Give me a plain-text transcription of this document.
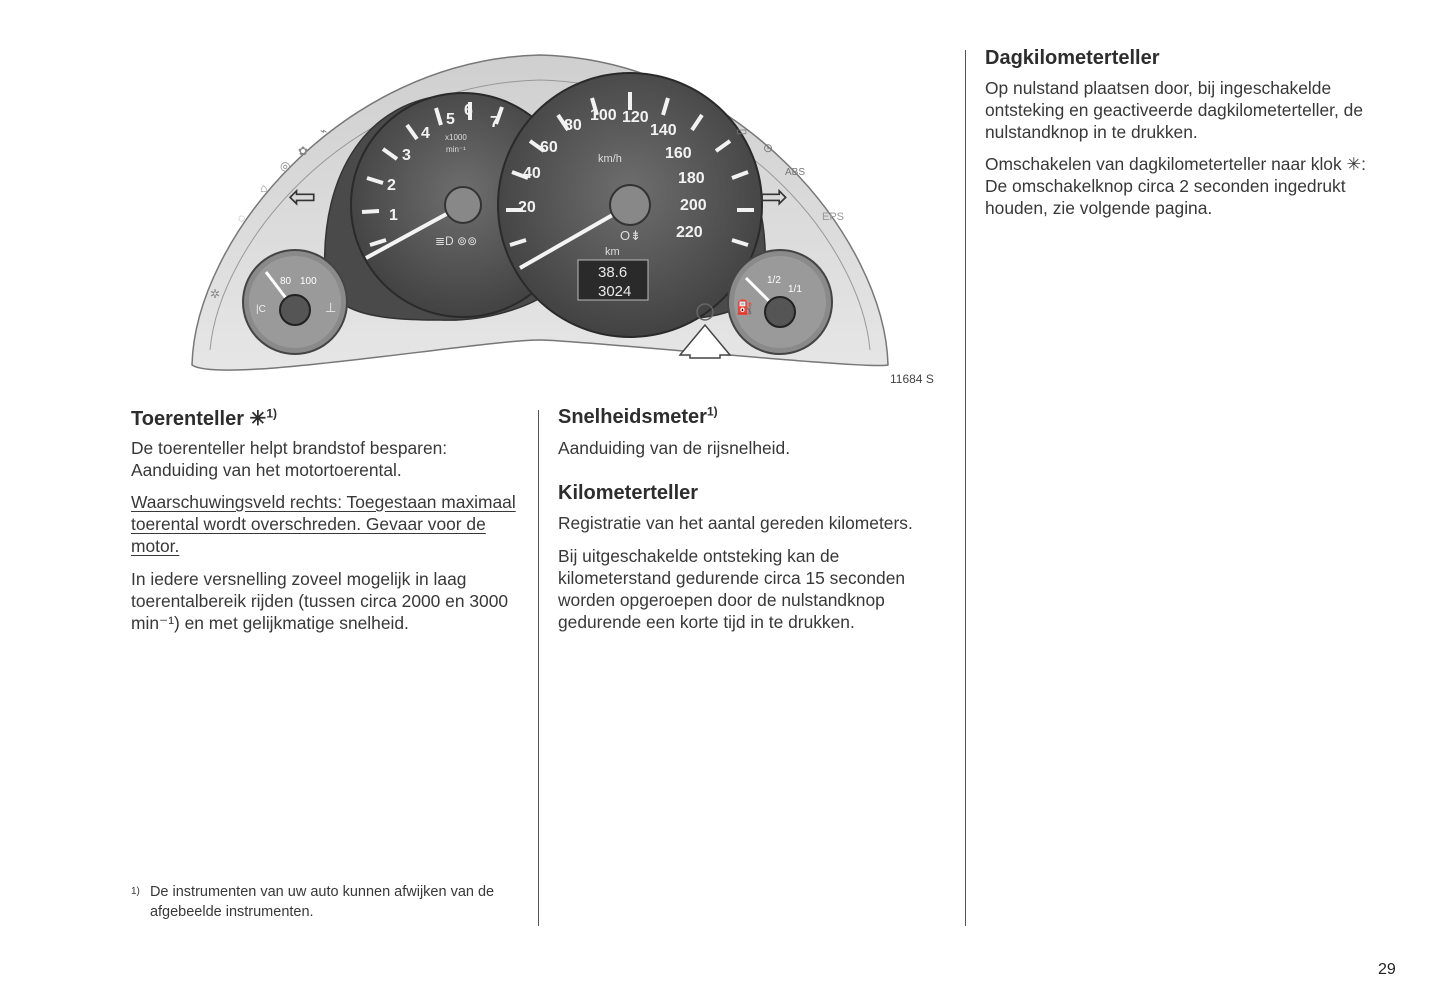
1
2
3
4
5
6
7
x1000
min⁻¹
≣D ⊚⊚
20
40
60
80
100 120
140
160
180
200
220
km/h
km
O⇟
38.6
3024
80 100
|C	⊥
1/2
1/1
⛽
⇦	⇨
⌁
✿
◎
⌂
◌
▭
⊙
ABS
EPS
✲
11684 S
Toerenteller ✳$^{1)}$

De toerenteller helpt brandstof besparen: Aanduiding van het motortoerental.

Waarschuwingsveld rechts: Toegestaan maximaal toerental wordt overschreden. Gevaar voor de motor.

In iedere versnelling zoveel mogelijk in laag toerentalbereik rijden (tussen circa 2000 en 3000 min⁻¹) en met gelijkmatige snelheid.

$^{1)}$ De instrumenten van uw auto kunnen afwijken van de afgebeelde instrumenten.
Snelheidsmeter$^{1)}$

Aanduiding van de rijsnelheid.

Kilometerteller

Registratie van het aantal gereden kilometers.

Bij uitgeschakelde ontsteking kan de kilometerstand gedurende circa 15 seconden worden opgeroepen door de nulstandknop gedurende een korte tijd in te drukken.

Dagkilometerteller

Op nulstand plaatsen door, bij ingeschakelde ontsteking en geactiveerde dagkilometerteller, de nulstandknop in te drukken.

Omschakelen van dagkilometerteller naar klok ✳: De omschakelknop circa 2 seconden ingedrukt houden, zie volgende pagina.

29
